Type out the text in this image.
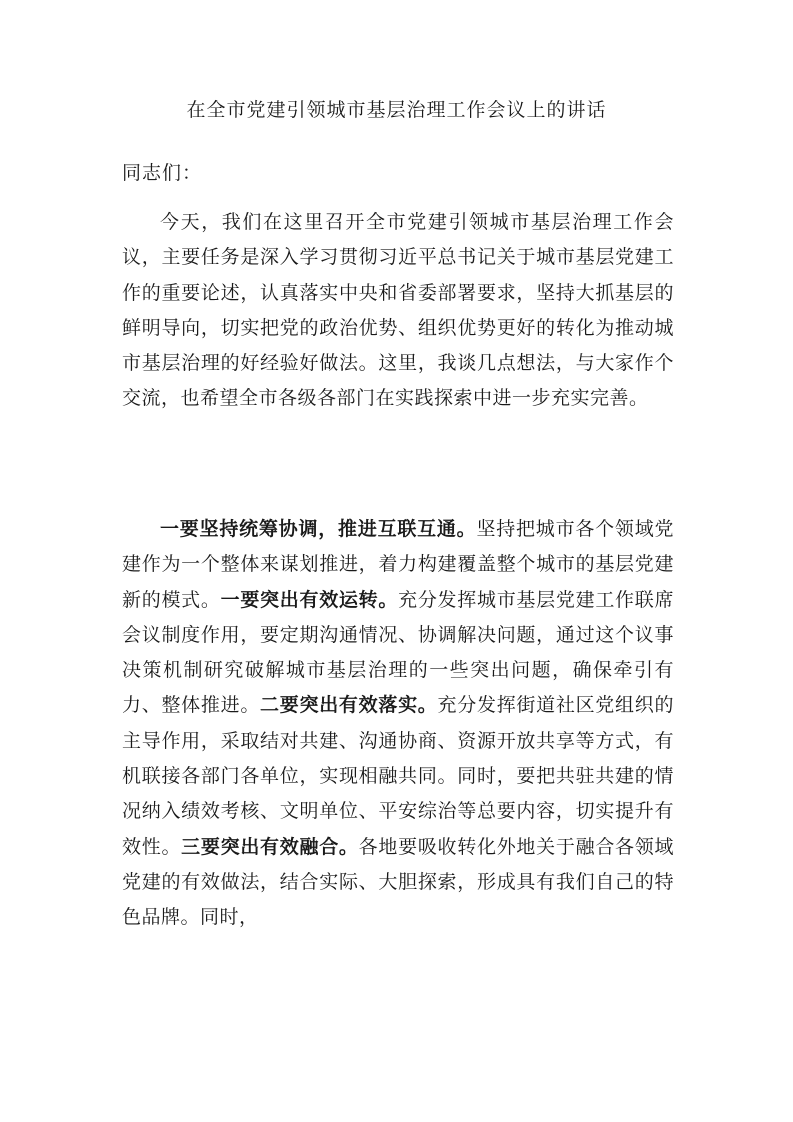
在全市党建引领城市基层治理工作会议上的讲话
同志们：

今天，我们在这里召开全市党建引领城市基层治理工作会议，主要任务是深入学习贯彻习近平总书记关于城市基层党建工作的重要论述，认真落实中央和省委部署要求，坚持大抓基层的鲜明导向，切实把党的政治优势、组织优势更好的转化为推动城市基层治理的好经验好做法。这里，我谈几点想法，与大家作个交流，也希望全市各级各部门在实践探索中进一步充实完善。

一要坚持统筹协调，推进互联互通。坚持把城市各个领域党建作为一个整体来谋划推进，着力构建覆盖整个城市的基层党建新的模式。一要突出有效运转。充分发挥城市基层党建工作联席会议制度作用，要定期沟通情况、协调解决问题，通过这个议事决策机制研究破解城市基层治理的一些突出问题，确保牵引有力、整体推进。二要突出有效落实。充分发挥街道社区党组织的主导作用，采取结对共建、沟通协商、资源开放共享等方式，有机联接各部门各单位，实现相融共同。同时，要把共驻共建的情况纳入绩效考核、文明单位、平安综治等总要内容，切实提升有效性。三要突出有效融合。各地要吸收转化外地关于融合各领域党建的有效做法，结合实际、大胆探索，形成具有我们自己的特色品牌。同时，
